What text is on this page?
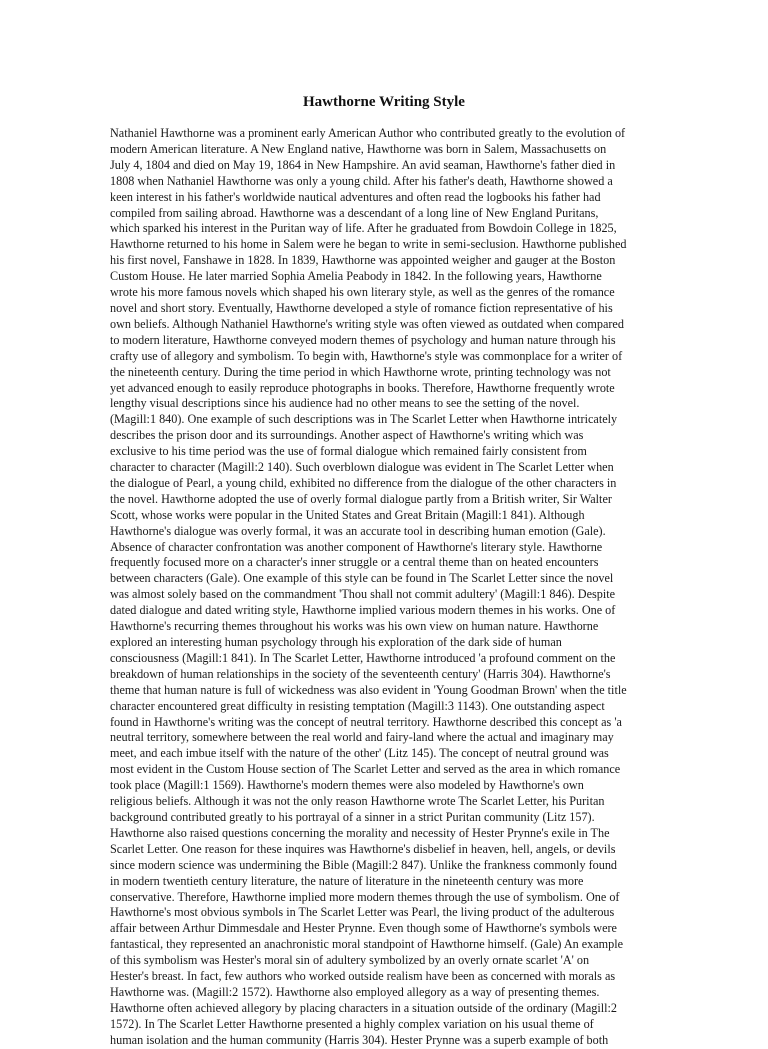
Hawthorne Writing Style
Nathaniel Hawthorne was a prominent early American Author who contributed greatly to the evolution of
modern American literature. A New England native, Hawthorne was born in Salem, Massachusetts on
July 4, 1804 and died on May 19, 1864 in New Hampshire. An avid seaman, Hawthorne's father died in
1808 when Nathaniel Hawthorne was only a young child. After his father's death, Hawthorne showed a
keen interest in his father's worldwide nautical adventures and often read the logbooks his father had
compiled from sailing abroad. Hawthorne was a descendant of a long line of New England Puritans,
which sparked his interest in the Puritan way of life. After he graduated from Bowdoin College in 1825,
Hawthorne returned to his home in Salem were he began to write in semi-seclusion. Hawthorne published
his first novel, Fanshawe in 1828. In 1839, Hawthorne was appointed weigher and gauger at the Boston
Custom House. He later married Sophia Amelia Peabody in 1842. In the following years, Hawthorne
wrote his more famous novels which shaped his own literary style, as well as the genres of the romance
novel and short story. Eventually, Hawthorne developed a style of romance fiction representative of his
own beliefs. Although Nathaniel Hawthorne's writing style was often viewed as outdated when compared
to modern literature, Hawthorne conveyed modern themes of psychology and human nature through his
crafty use of allegory and symbolism. To begin with, Hawthorne's style was commonplace for a writer of
the nineteenth century. During the time period in which Hawthorne wrote, printing technology was not
yet advanced enough to easily reproduce photographs in books. Therefore, Hawthorne frequently wrote
lengthy visual descriptions since his audience had no other means to see the setting of the novel.
(Magill:1 840). One example of such descriptions was in The Scarlet Letter when Hawthorne intricately
describes the prison door and its surroundings. Another aspect of Hawthorne's writing which was
exclusive to his time period was the use of formal dialogue which remained fairly consistent from
character to character (Magill:2 140). Such overblown dialogue was evident in The Scarlet Letter when
the dialogue of Pearl, a young child, exhibited no difference from the dialogue of the other characters in
the novel. Hawthorne adopted the use of overly formal dialogue partly from a British writer, Sir Walter
Scott, whose works were popular in the United States and Great Britain (Magill:1 841). Although
Hawthorne's dialogue was overly formal, it was an accurate tool in describing human emotion (Gale).
Absence of character confrontation was another component of Hawthorne's literary style. Hawthorne
frequently focused more on a character's inner struggle or a central theme than on heated encounters
between characters (Gale). One example of this style can be found in The Scarlet Letter since the novel
was almost solely based on the commandment 'Thou shall not commit adultery' (Magill:1 846). Despite
dated dialogue and dated writing style, Hawthorne implied various modern themes in his works. One of
Hawthorne's recurring themes throughout his works was his own view on human nature. Hawthorne
explored an interesting human psychology through his exploration of the dark side of human
consciousness (Magill:1 841). In The Scarlet Letter, Hawthorne introduced 'a profound comment on the
breakdown of human relationships in the society of the seventeenth century' (Harris 304). Hawthorne's
theme that human nature is full of wickedness was also evident in 'Young Goodman Brown' when the title
character encountered great difficulty in resisting temptation (Magill:3 1143). One outstanding aspect
found in Hawthorne's writing was the concept of neutral territory. Hawthorne described this concept as 'a
neutral territory, somewhere between the real world and fairy-land where the actual and imaginary may
meet, and each imbue itself with the nature of the other' (Litz 145). The concept of neutral ground was
most evident in the Custom House section of The Scarlet Letter and served as the area in which romance
took place (Magill:1 1569). Hawthorne's modern themes were also modeled by Hawthorne's own
religious beliefs. Although it was not the only reason Hawthorne wrote The Scarlet Letter, his Puritan
background contributed greatly to his portrayal of a sinner in a strict Puritan community (Litz 157).
Hawthorne also raised questions concerning the morality and necessity of Hester Prynne's exile in The
Scarlet Letter. One reason for these inquires was Hawthorne's disbelief in heaven, hell, angels, or devils
since modern science was undermining the Bible (Magill:2 847). Unlike the frankness commonly found
in modern twentieth century literature, the nature of literature in the nineteenth century was more
conservative. Therefore, Hawthorne implied more modern themes through the use of symbolism. One of
Hawthorne's most obvious symbols in The Scarlet Letter was Pearl, the living product of the adulterous
affair between Arthur Dimmesdale and Hester Prynne. Even though some of Hawthorne's symbols were
fantastical, they represented an anachronistic moral standpoint of Hawthorne himself. (Gale) An example
of this symbolism was Hester's moral sin of adultery symbolized by an overly ornate scarlet 'A' on
Hester's breast. In fact, few authors who worked outside realism have been as concerned with morals as
Hawthorne was. (Magill:2 1572). Hawthorne also employed allegory as a way of presenting themes.
Hawthorne often achieved allegory by placing characters in a situation outside of the ordinary (Magill:2
1572). In The Scarlet Letter Hawthorne presented a highly complex variation on his usual theme of
human isolation and the human community (Harris 304). Hester Prynne was a superb example of both
